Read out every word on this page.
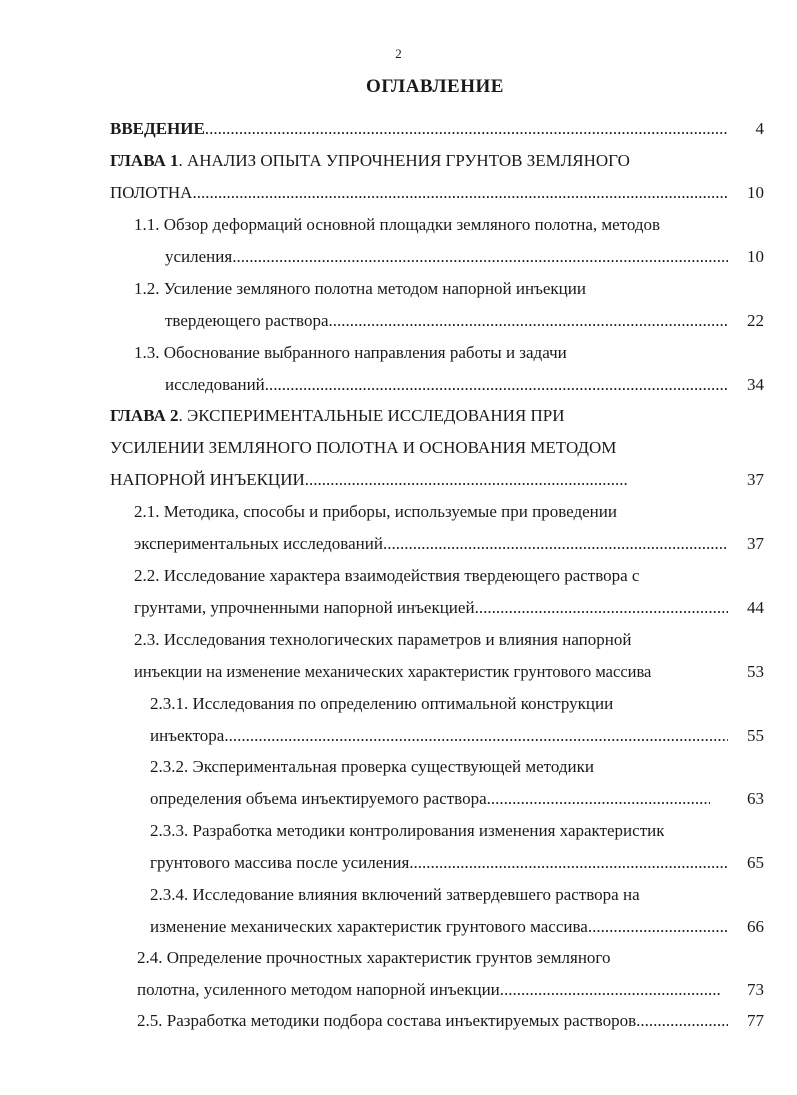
2
ОГЛАВЛЕНИЕ
ВВЕДЕНИЕ .....	4
ГЛАВА 1. АНАЛИЗ ОПЫТА УПРОЧНЕНИЯ ГРУНТОВ ЗЕМЛЯНОГО
ПОЛОТНА .....	10
1.1. Обзор деформаций основной площадки земляного полотна, методов
усиления .....	10
1.2. Усиление земляного полотна методом напорной инъекции
твердеющего раствора .....	22
1.3. Обоснование выбранного направления работы и задачи
исследований .....	34
ГЛАВА 2. ЭКСПЕРИМЕНТАЛЬНЫЕ ИССЛЕДОВАНИЯ ПРИ
УСИЛЕНИИ ЗЕМЛЯНОГО ПОЛОТНА И ОСНОВАНИЯ МЕТОДОМ
НАПОРНОЙ ИНЪЕКЦИИ .....	37
2.1. Методика, способы и приборы, используемые при проведении
экспериментальных исследований .....	37
2.2. Исследование характера взаимодействия твердеющего раствора с
грунтами, упрочненными напорной инъекцией .....	44
2.3. Исследования технологических параметров и влияния напорной
инъекции на изменение механических характеристик грунтового массива	53
2.3.1. Исследования по определению оптимальной конструкции
инъектора .....	55
2.3.2. Экспериментальная проверка существующей методики
определения объема инъектируемого раствора .....	63
2.3.3. Разработка методики контролирования изменения характеристик
грунтового массива после усиления .....	65
2.3.4. Исследование влияния включений затвердевшего раствора на
изменение механических характеристик грунтового массива .....	66
2.4. Определение прочностных характеристик грунтов земляного
полотна, усиленного методом напорной инъекции .....	73
2.5. Разработка методики подбора состава инъектируемых растворов .....	77
